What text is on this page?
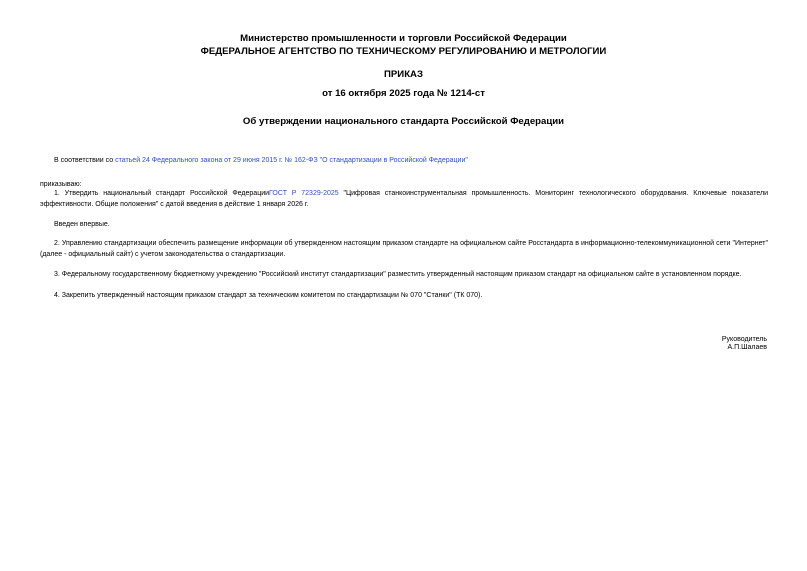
Министерство промышленности и торговли Российской Федерации
ФЕДЕРАЛЬНОЕ АГЕНТСТВО ПО ТЕХНИЧЕСКОМУ РЕГУЛИРОВАНИЮ И МЕТРОЛОГИИ
ПРИКАЗ
от 16 октября 2025 года № 1214-ст
Об утверждении национального стандарта Российской Федерации
В соответствии со статьей 24 Федерального закона от 29 июня 2015 г. № 162-ФЗ "О стандартизации в Российской Федерации"
приказываю:
1. Утвердить национальный стандарт Российской ФедерацииГОСТ Р 72329-2025 "Цифровая станкоинструментальная промышленность. Мониторинг технологического оборудования. Ключевые показатели эффективности. Общие положения" с датой введения в действие 1 января 2026 г.
Введен впервые.
2. Управлению стандартизации обеспечить размещение информации об утвержденном настоящим приказом стандарте на официальном сайте Росстандарта в информационно-телекоммуникационной сети "Интернет" (далее - официальный сайт) с учетом законодательства о стандартизации.
3. Федеральному государственному бюджетному учреждению "Российский институт стандартизации" разместить утвержденный настоящим приказом стандарт на официальном сайте в установленном порядке.
4. Закрепить утвержденный настоящим приказом стандарт за техническим комитетом по стандартизации № 070 "Станки" (ТК 070).
Руководитель
А.П.Шалаев
